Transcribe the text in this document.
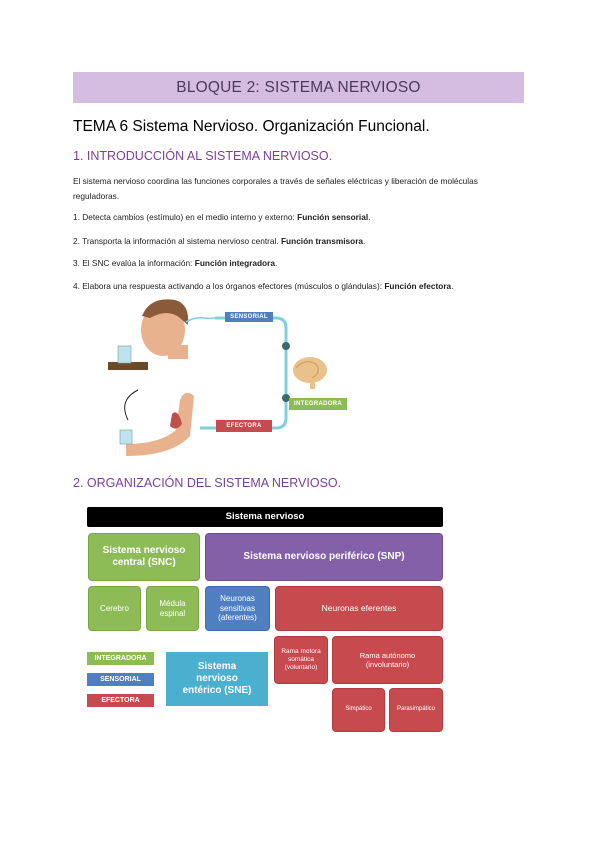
BLOQUE 2: SISTEMA NERVIOSO
TEMA 6 Sistema Nervioso. Organización Funcional.
1. INTRODUCCIÓN AL SISTEMA NERVIOSO.
El sistema nervioso coordina las funciones corporales a través de señales eléctricas y liberación de moléculas reguladoras.
1. Detecta cambios (estímulo) en el medio interno y externo: Función sensorial.
2. Transporta la información al sistema nervioso central. Función transmisora.
3. El SNC evalúa la información: Función integradora.
4. Elabora una respuesta activando a los órganos efectores (músculos o glándulas): Función efectora.
SENSORIAL
INTEGRADORA
EFECTORA
2. ORGANIZACIÓN DEL SISTEMA NERVIOSO.
Sistema nervioso
Sistema nervioso central (SNC)
Sistema nervioso periférico (SNP)
Cerebro
Médula espinal
Neuronas sensitivas (aferentes)
Neuronas eferentes
Rama motora somática (voluntario)
Rama autónomo (involuntario)
Simpático	Parasimpático
Sistema nervioso entérico (SNE)
INTEGRADORA
SENSORIAL
EFECTORA
